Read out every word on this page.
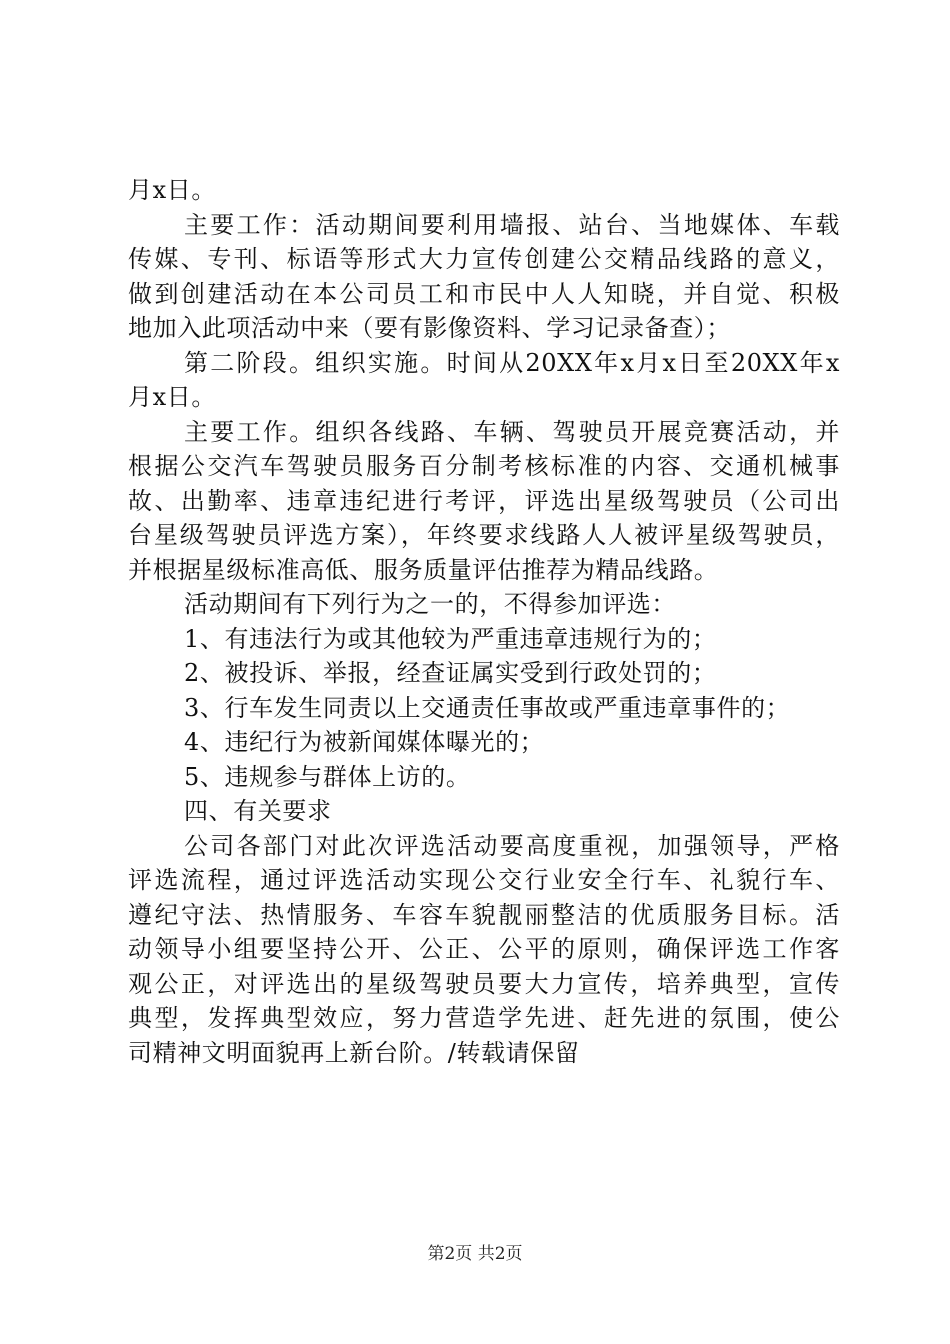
月x日。
主要工作：活动期间要利用墙报、站台、当地媒体、车载
传媒、专刊、标语等形式大力宣传创建公交精品线路的意义，
做到创建活动在本公司员工和市民中人人知晓，并自觉、积极
地加入此项活动中来（要有影像资料、学习记录备查）；
第二阶段。组织实施。时间从20XX年x月x日至20XX年x
月x日。
主要工作。组织各线路、车辆、驾驶员开展竞赛活动，并
根据公交汽车驾驶员服务百分制考核标准的内容、交通机械事
故、出勤率、违章违纪进行考评，评选出星级驾驶员（公司出
台星级驾驶员评选方案），年终要求线路人人被评星级驾驶员，
并根据星级标准高低、服务质量评估推荐为精品线路。
活动期间有下列行为之一的，不得参加评选：
1、有违法行为或其他较为严重违章违规行为的；
2、被投诉、举报，经查证属实受到行政处罚的；
3、行车发生同责以上交通责任事故或严重违章事件的；
4、违纪行为被新闻媒体曝光的；
5、违规参与群体上访的。
四、有关要求
公司各部门对此次评选活动要高度重视，加强领导，严格
评选流程，通过评选活动实现公交行业安全行车、礼貌行车、
遵纪守法、热情服务、车容车貌靓丽整洁的优质服务目标。活
动领导小组要坚持公开、公正、公平的原则，确保评选工作客
观公正，对评选出的星级驾驶员要大力宣传，培养典型，宣传
典型，发挥典型效应，努力营造学先进、赶先进的氛围，使公
司精神文明面貌再上新台阶。/转载请保留
第2页 共2页
